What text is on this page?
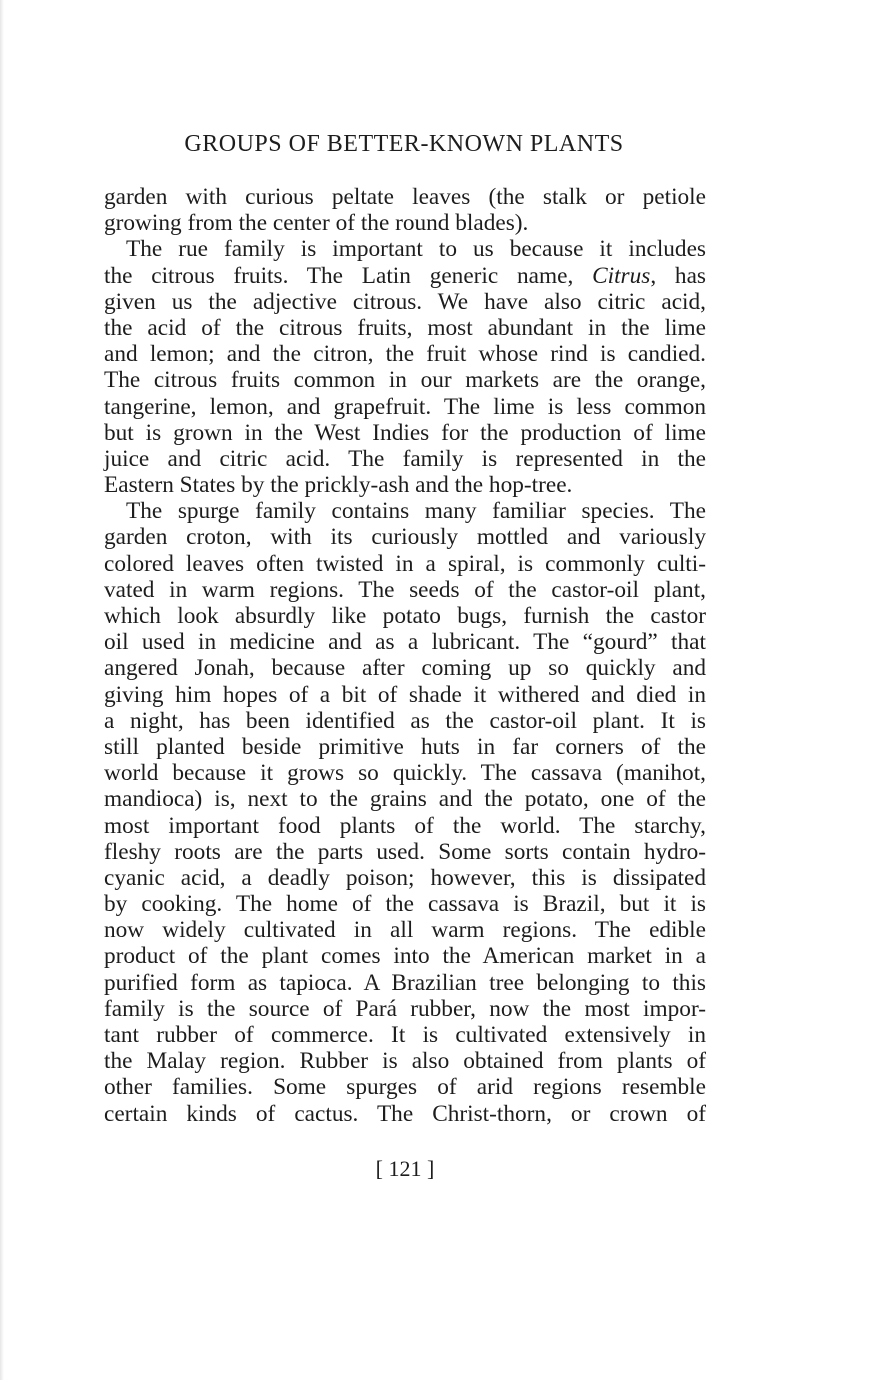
GROUPS OF BETTER-KNOWN PLANTS
garden with curious peltate leaves (the stalk or petiole
growing from the center of the round blades).
The rue family is important to us because it includes
the citrous fruits. The Latin generic name, Citrus, has
given us the adjective citrous. We have also citric acid,
the acid of the citrous fruits, most abundant in the lime
and lemon; and the citron, the fruit whose rind is candied.
The citrous fruits common in our markets are the orange,
tangerine, lemon, and grapefruit. The lime is less common
but is grown in the West Indies for the production of lime
juice and citric acid. The family is represented in the
Eastern States by the prickly-ash and the hop-tree.
The spurge family contains many familiar species. The
garden croton, with its curiously mottled and variously
colored leaves often twisted in a spiral, is commonly culti-
vated in warm regions. The seeds of the castor-oil plant,
which look absurdly like potato bugs, furnish the castor
oil used in medicine and as a lubricant. The “gourd” that
angered Jonah, because after coming up so quickly and
giving him hopes of a bit of shade it withered and died in
a night, has been identified as the castor-oil plant. It is
still planted beside primitive huts in far corners of the
world because it grows so quickly. The cassava (manihot,
mandioca) is, next to the grains and the potato, one of the
most important food plants of the world. The starchy,
fleshy roots are the parts used. Some sorts contain hydro-
cyanic acid, a deadly poison; however, this is dissipated
by cooking. The home of the cassava is Brazil, but it is
now widely cultivated in all warm regions. The edible
product of the plant comes into the American market in a
purified form as tapioca. A Brazilian tree belonging to this
family is the source of Pará rubber, now the most impor-
tant rubber of commerce. It is cultivated extensively in
the Malay region. Rubber is also obtained from plants of
other families. Some spurges of arid regions resemble
certain kinds of cactus. The Christ-thorn, or crown of
[ 121 ]
